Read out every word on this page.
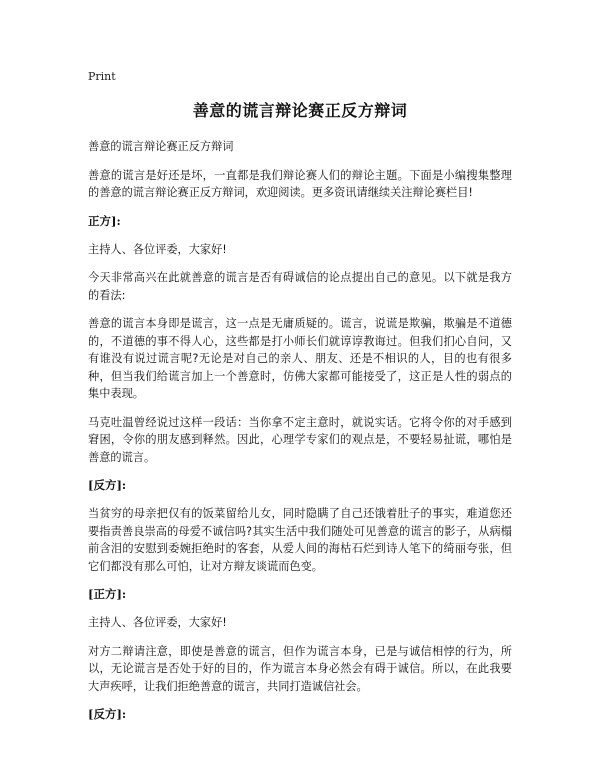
Print
善意的谎言辩论赛正反方辩词

善意的谎言辩论赛正反方辩词

善意的谎言是好还是坏，一直都是我们辩论赛人们的辩论主题。下面是小编搜集整理的善意的谎言辩论赛正反方辩词，欢迎阅读。更多资讯请继续关注辩论赛栏目!

正方]:

主持人、各位评委，大家好!

今天非常高兴在此就善意的谎言是否有碍诚信的论点提出自己的意见。以下就是我方的看法:

善意的谎言本身即是谎言，这一点是无庸质疑的。谎言，说谎是欺骗，欺骗是不道德的，不道德的事不得人心，这些都是打小师长们就谆谆教诲过。但我们扪心自问，又有谁没有说过谎言呢?无论是对自己的亲人、朋友、还是不相识的人，目的也有很多种，但当我们给谎言加上一个善意时，仿佛大家都可能接受了，这正是人性的弱点的集中表现。

马克吐温曾经说过这样一段话：当你拿不定主意时，就说实话。它将令你的对手感到窘困，令你的朋友感到释然。因此，心理学专家们的观点是，不要轻易扯谎，哪怕是善意的谎言。

[反方]:

当贫穷的母亲把仅有的饭菜留给儿女，同时隐瞒了自己还饿着肚子的事实，难道您还要指责善良崇高的母爱不诚信吗?其实生活中我们随处可见善意的谎言的影子，从病榻前含泪的安慰到委婉拒绝时的客套，从爱人间的海枯石烂到诗人笔下的绮丽夸张，但它们都没有那么可怕，让对方辩友谈谎而色变。

[正方]:

主持人、各位评委，大家好!

对方二辩请注意，即使是善意的谎言，但作为谎言本身，已是与诚信相悖的行为，所以，无论谎言是否处于好的目的，作为谎言本身必然会有碍于诚信。所以，在此我要大声疾呼，让我们拒绝善意的谎言，共同打造诚信社会。

[反方]:
